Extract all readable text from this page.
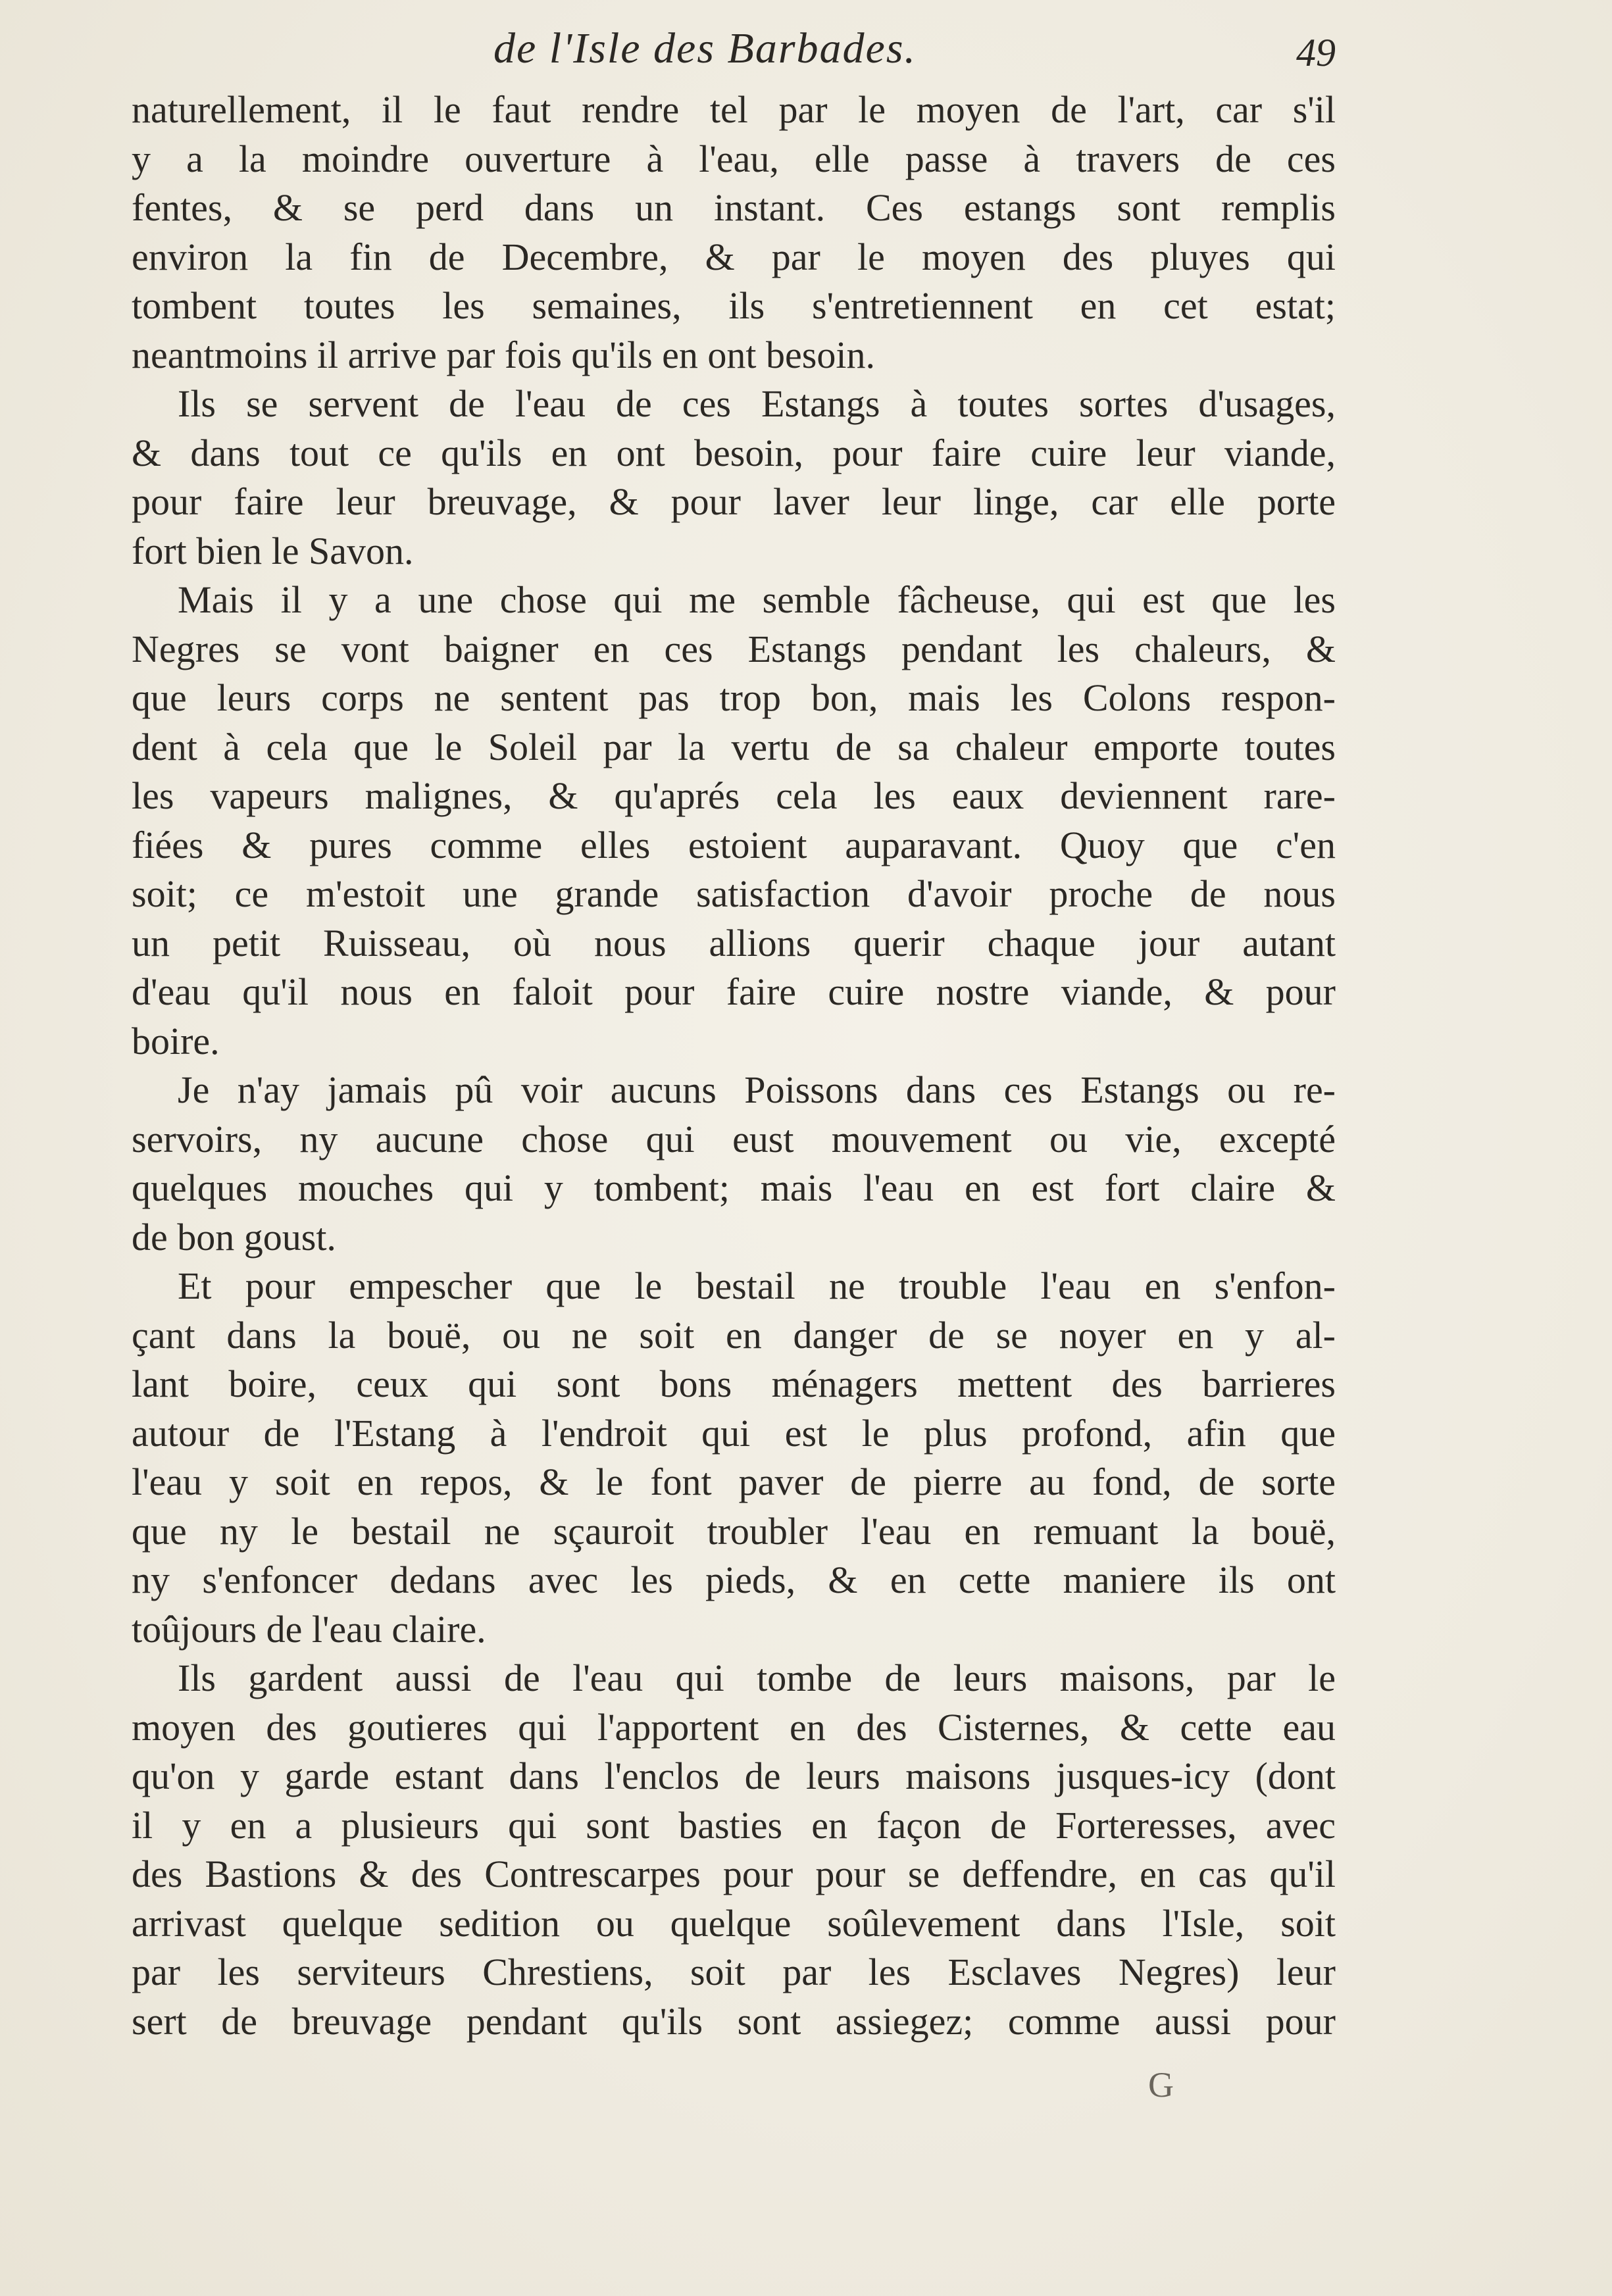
de l'Isle des Barbades.	49
naturellement, il le faut rendre tel par le moyen de l'art, car s'il
y a la moindre ouverture à l'eau, elle passe à travers de ces
fentes, & se perd dans un instant. Ces estangs sont remplis
environ la fin de Decembre, & par le moyen des pluyes qui
tombent toutes les semaines, ils s'entretiennent en cet estat;
neantmoins il arrive par fois qu'ils en ont besoin.
Ils se servent de l'eau de ces Estangs à toutes sortes d'usages,
& dans tout ce qu'ils en ont besoin, pour faire cuire leur viande,
pour faire leur breuvage, & pour laver leur linge, car elle porte
fort bien le Savon.
Mais il y a une chose qui me semble fâcheuse, qui est que les
Negres se vont baigner en ces Estangs pendant les chaleurs, &
que leurs corps ne sentent pas trop bon, mais les Colons respon-
dent à cela que le Soleil par la vertu de sa chaleur emporte toutes
les vapeurs malignes, & qu'aprés cela les eaux deviennent rare-
fiées & pures comme elles estoient auparavant. Quoy que c'en
soit; ce m'estoit une grande satisfaction d'avoir proche de nous
un petit Ruisseau, où nous allions querir chaque jour autant
d'eau qu'il nous en faloit pour faire cuire nostre viande, & pour
boire.
Je n'ay jamais pû voir aucuns Poissons dans ces Estangs ou re-
servoirs, ny aucune chose qui eust mouvement ou vie, excepté
quelques mouches qui y tombent; mais l'eau en est fort claire &
de bon goust.
Et pour empescher que le bestail ne trouble l'eau en s'enfon-
çant dans la bouë, ou ne soit en danger de se noyer en y al-
lant boire, ceux qui sont bons ménagers mettent des barrieres
autour de l'Estang à l'endroit qui est le plus profond, afin que
l'eau y soit en repos, & le font paver de pierre au fond, de sorte
que ny le bestail ne sçauroit troubler l'eau en remuant la bouë,
ny s'enfoncer dedans avec les pieds, & en cette maniere ils ont
toûjours de l'eau claire.
Ils gardent aussi de l'eau qui tombe de leurs maisons, par le
moyen des goutieres qui l'apportent en des Cisternes, & cette eau
qu'on y garde estant dans l'enclos de leurs maisons jusques-icy (dont
il y en a plusieurs qui sont basties en façon de Forteresses, avec
des Bastions & des Contrescarpes pour pour se deffendre, en cas qu'il
arrivast quelque sedition ou quelque soûlevement dans l'Isle, soit
par les serviteurs Chrestiens, soit par les Esclaves Negres) leur
sert de breuvage pendant qu'ils sont assiegez; comme aussi pour
G
